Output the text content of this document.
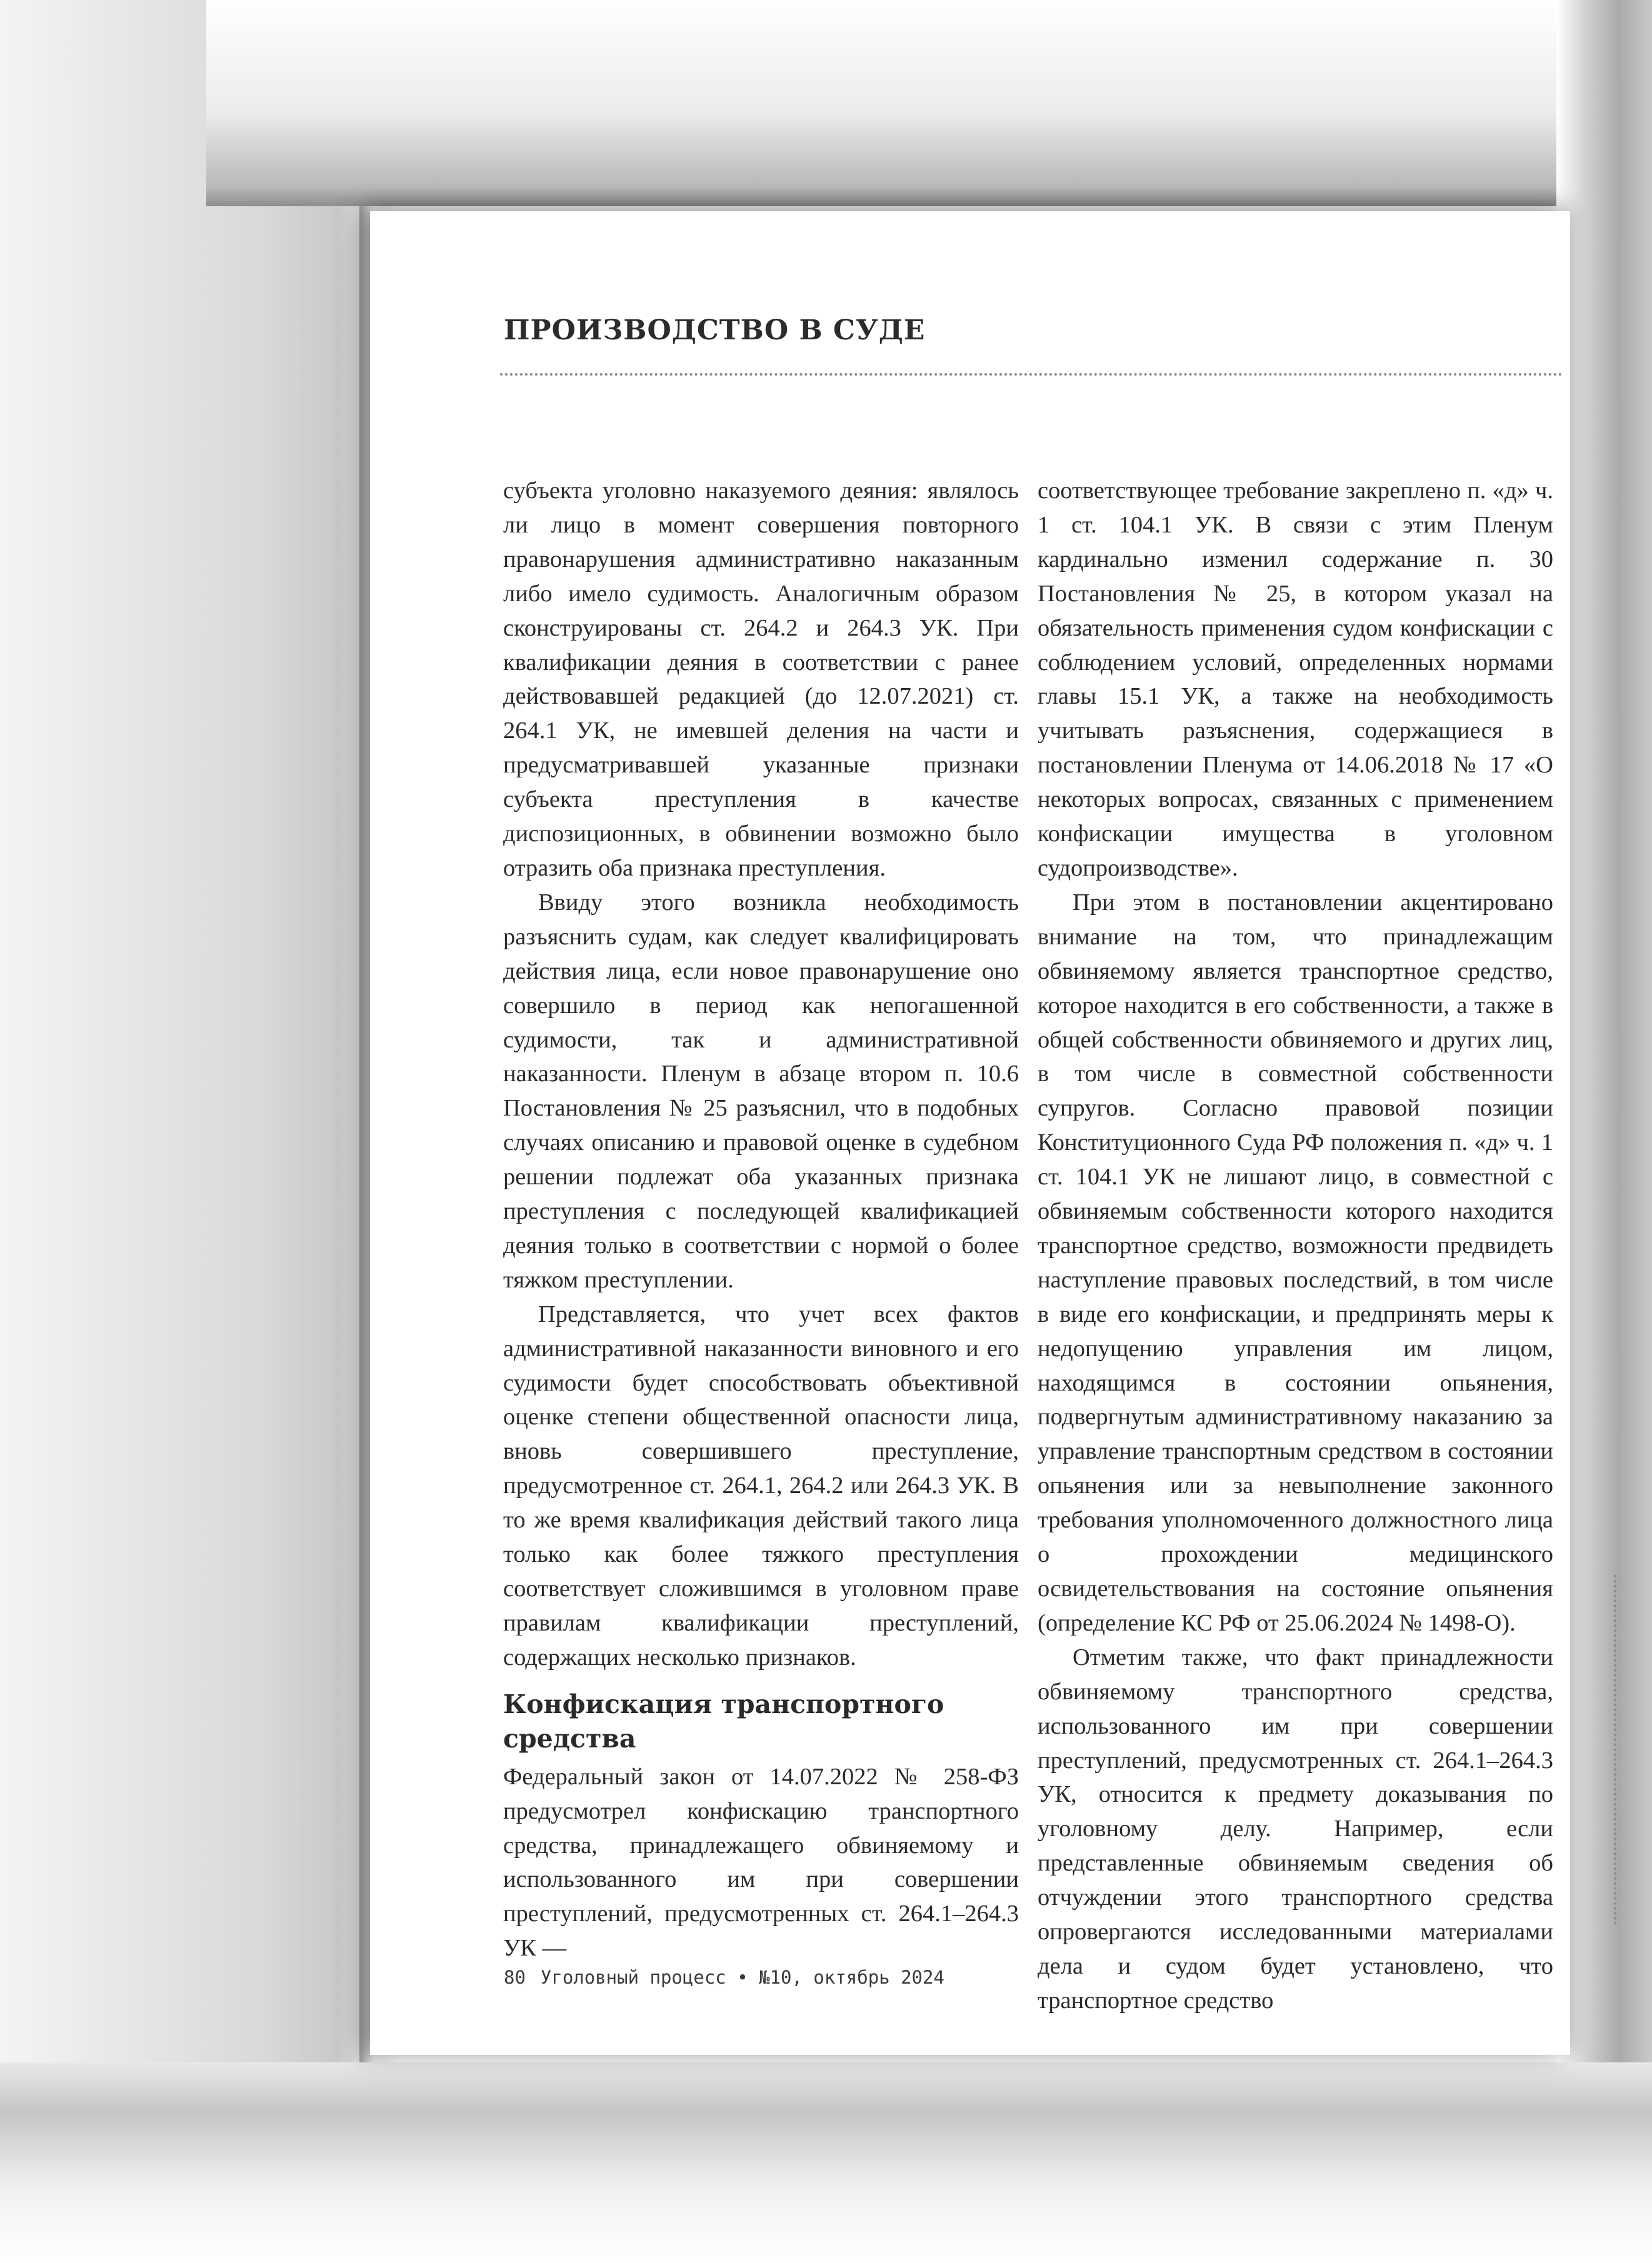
ПРОИЗВОДСТВО В СУДЕ

субъекта уголовно наказуемого деяния: являлось ли лицо в момент совершения повторного правонарушения административно наказанным либо имело судимость. Аналогичным образом сконструированы ст. 264.2 и 264.3 УК. При квалификации деяния в соответствии с ранее действовавшей редакцией (до 12.07.2021) ст. 264.1 УК, не имевшей деления на части и предусматривавшей указанные признаки субъекта преступления в качестве диспозиционных, в обвинении возможно было отразить оба признака преступления.

Ввиду этого возникла необходимость разъяснить судам, как следует квалифицировать действия лица, если новое правонарушение оно совершило в период как непогашенной судимости, так и административной наказанности. Пленум в абзаце втором п. 10.6 Постановления № 25 разъяснил, что в подобных случаях описанию и правовой оценке в судебном решении подлежат оба указанных признака преступления с последующей квалификацией деяния только в соответствии с нормой о более тяжком преступлении.

Представляется, что учет всех фактов административной наказанности виновного и его судимости будет способствовать объективной оценке степени общественной опасности лица, вновь совершившего преступление, предусмотренное ст. 264.1, 264.2 или 264.3 УК. В то же время квалификация действий такого лица только как более тяжкого преступления соответствует сложившимся в уголовном праве правилам квалификации преступлений, содержащих несколько признаков.

Конфискация транспортного средства

Федеральный закон от 14.07.2022 № 258-ФЗ предусмотрел конфискацию транспортного средства, принадлежащего обвиняемому и использованного им при совершении преступлений, предусмотренных ст. 264.1–264.3 УК —

соответствующее требование закреплено п. «д» ч. 1 ст. 104.1 УК. В связи с этим Пленум кардинально изменил содержание п. 30 Постановления № 25, в котором указал на обязательность применения судом конфискации с соблюдением условий, определенных нормами главы 15.1 УК, а также на необходимость учитывать разъяснения, содержащиеся в постановлении Пленума от 14.06.2018 № 17 «О некоторых вопросах, связанных с применением конфискации имущества в уголовном судопроизводстве».

При этом в постановлении акцентировано внимание на том, что принадлежащим обвиняемому является транспортное средство, которое находится в его собственности, а также в общей собственности обвиняемого и других лиц, в том числе в совместной собственности супругов. Согласно правовой позиции Конституционного Суда РФ положения п. «д» ч. 1 ст. 104.1 УК не лишают лицо, в совместной с обвиняемым собственности которого находится транспортное средство, возможности предвидеть наступление правовых последствий, в том числе в виде его конфискации, и предпринять меры к недопущению управления им лицом, находящимся в состоянии опьянения, подвергнутым административному наказанию за управление транспортным средством в состоянии опьянения или за невыполнение законного требования уполномоченного должностного лица о прохождении медицинского освидетельствования на состояние опьянения (определение КС РФ от 25.06.2024 № 1498-О).

Отметим также, что факт принадлежности обвиняемому транспортного средства, использованного им при совершении преступлений, предусмотренных ст. 264.1–264.3 УК, относится к предмету доказывания по уголовному делу. Например, если представленные обвиняемым сведения об отчуждении этого транспортного средства опровергаются исследованными материалами дела и судом будет установлено, что транспортное средство

80 Уголовный процесс • №10, октябрь 2024
